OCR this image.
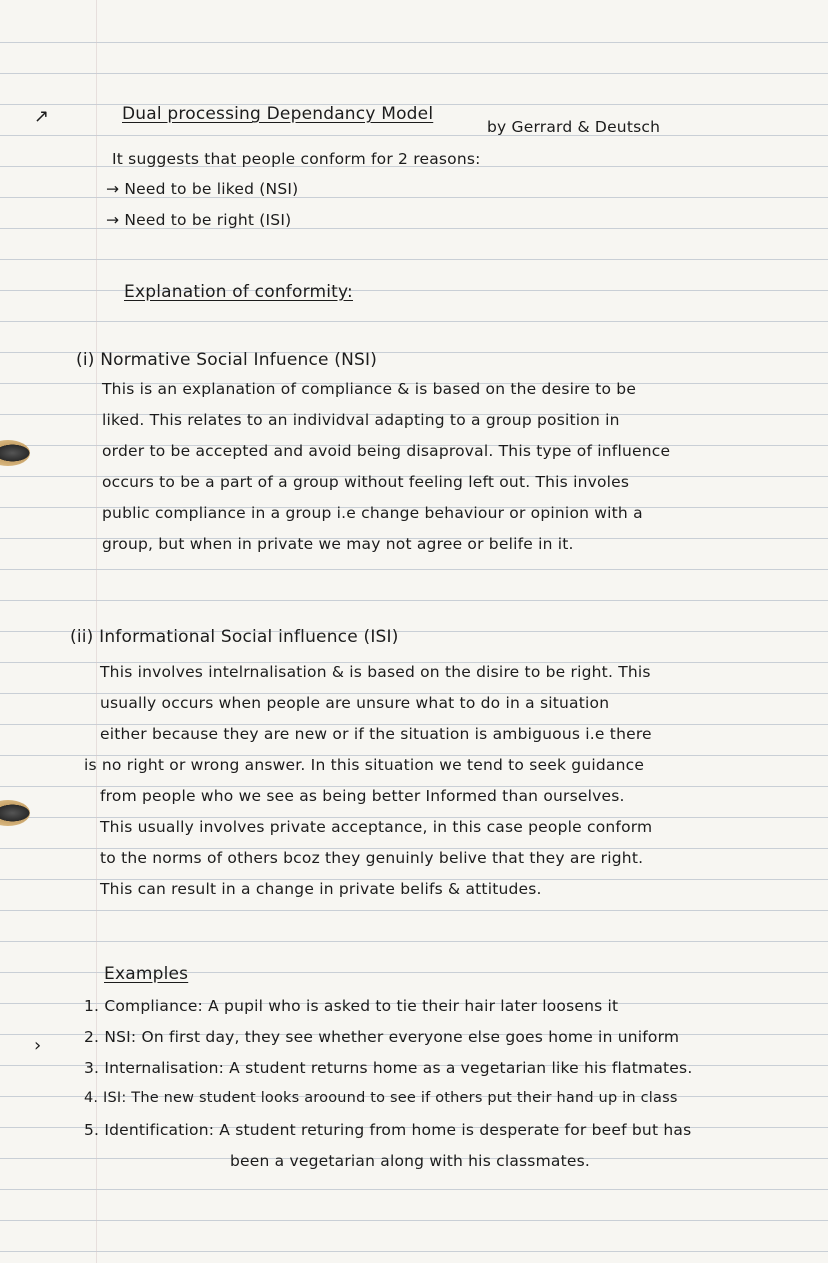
↗
›
Dual processing Dependancy Model
by Gerrard & Deutsch
It suggests that people conform for 2 reasons:
→ Need to be liked (NSI)
→ Need to be right (ISI)
Explanation of conformity:
(i) Normative Social Infuence (NSI)
This is an explanation of compliance & is based on the desire to be
liked. This relates to an individval adapting to a group position in
order to be accepted and avoid being disaproval. This type of influence
occurs to be a part of a group without feeling left out. This involes
public compliance in a group i.e change behaviour or opinion with a
group, but when in private we may not agree or belife in it.
(ii) Informational Social influence (ISI)
This involves intelrnalisation & is based on the disire to be right. This
usually occurs when people are unsure what to do in a situation
either because they are new or if the situation is ambiguous i.e there
is no right or wrong answer. In this situation we tend to seek guidance
from people who we see as being better Informed than ourselves.
This usually involves private acceptance, in this case people conform
to the norms of others bcoz they genuinly belive that they are right.
This can result in a change in private belifs & attitudes.
Examples
1. Compliance: A pupil who is asked to tie their hair later loosens it
2. NSI: On first day, they see whether everyone else goes home in uniform
3. Internalisation: A student returns home as a vegetarian like his flatmates.
4. ISI: The new student looks aroound to see if others put their hand up in class
5. Identification: A student returing from home is desperate for beef but has
been a vegetarian along with his classmates.
